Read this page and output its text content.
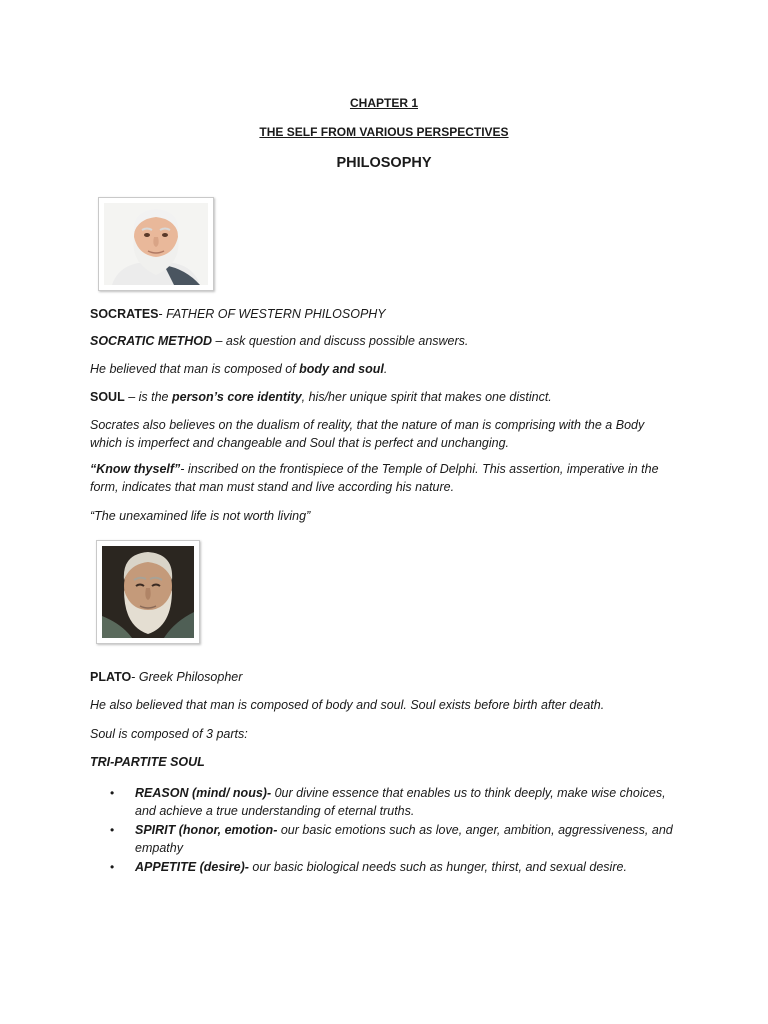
CHAPTER 1
THE SELF FROM VARIOUS PERSPECTIVES
PHILOSOPHY

SOCRATES- FATHER OF WESTERN PHILOSOPHY

SOCRATIC METHOD – ask question and discuss possible answers.

He believed that man is composed of body and soul.

SOUL – is the person’s core identity, his/her unique spirit that makes one distinct.

Socrates also believes on the dualism of reality, that the nature of man is comprising with the a Body
which is imperfect and changeable and Soul that is perfect and unchanging.

“Know thyself”- inscribed on the frontispiece of the Temple of Delphi. This assertion, imperative in the
form, indicates that man must stand and live according his nature.

“The unexamined life is not worth living”

PLATO- Greek Philosopher

He also believed that man is composed of body and soul. Soul exists before birth after death.

Soul is composed of 3 parts:

TRI-PARTITE SOUL

• REASON (mind/ nous)- 0ur divine essence that enables us to think deeply, make wise choices,
and achieve a true understanding of eternal truths.
• SPIRIT (honor, emotion- our basic emotions such as love, anger, ambition, aggressiveness, and
empathy
• APPETITE (desire)- our basic biological needs such as hunger, thirst, and sexual desire.
